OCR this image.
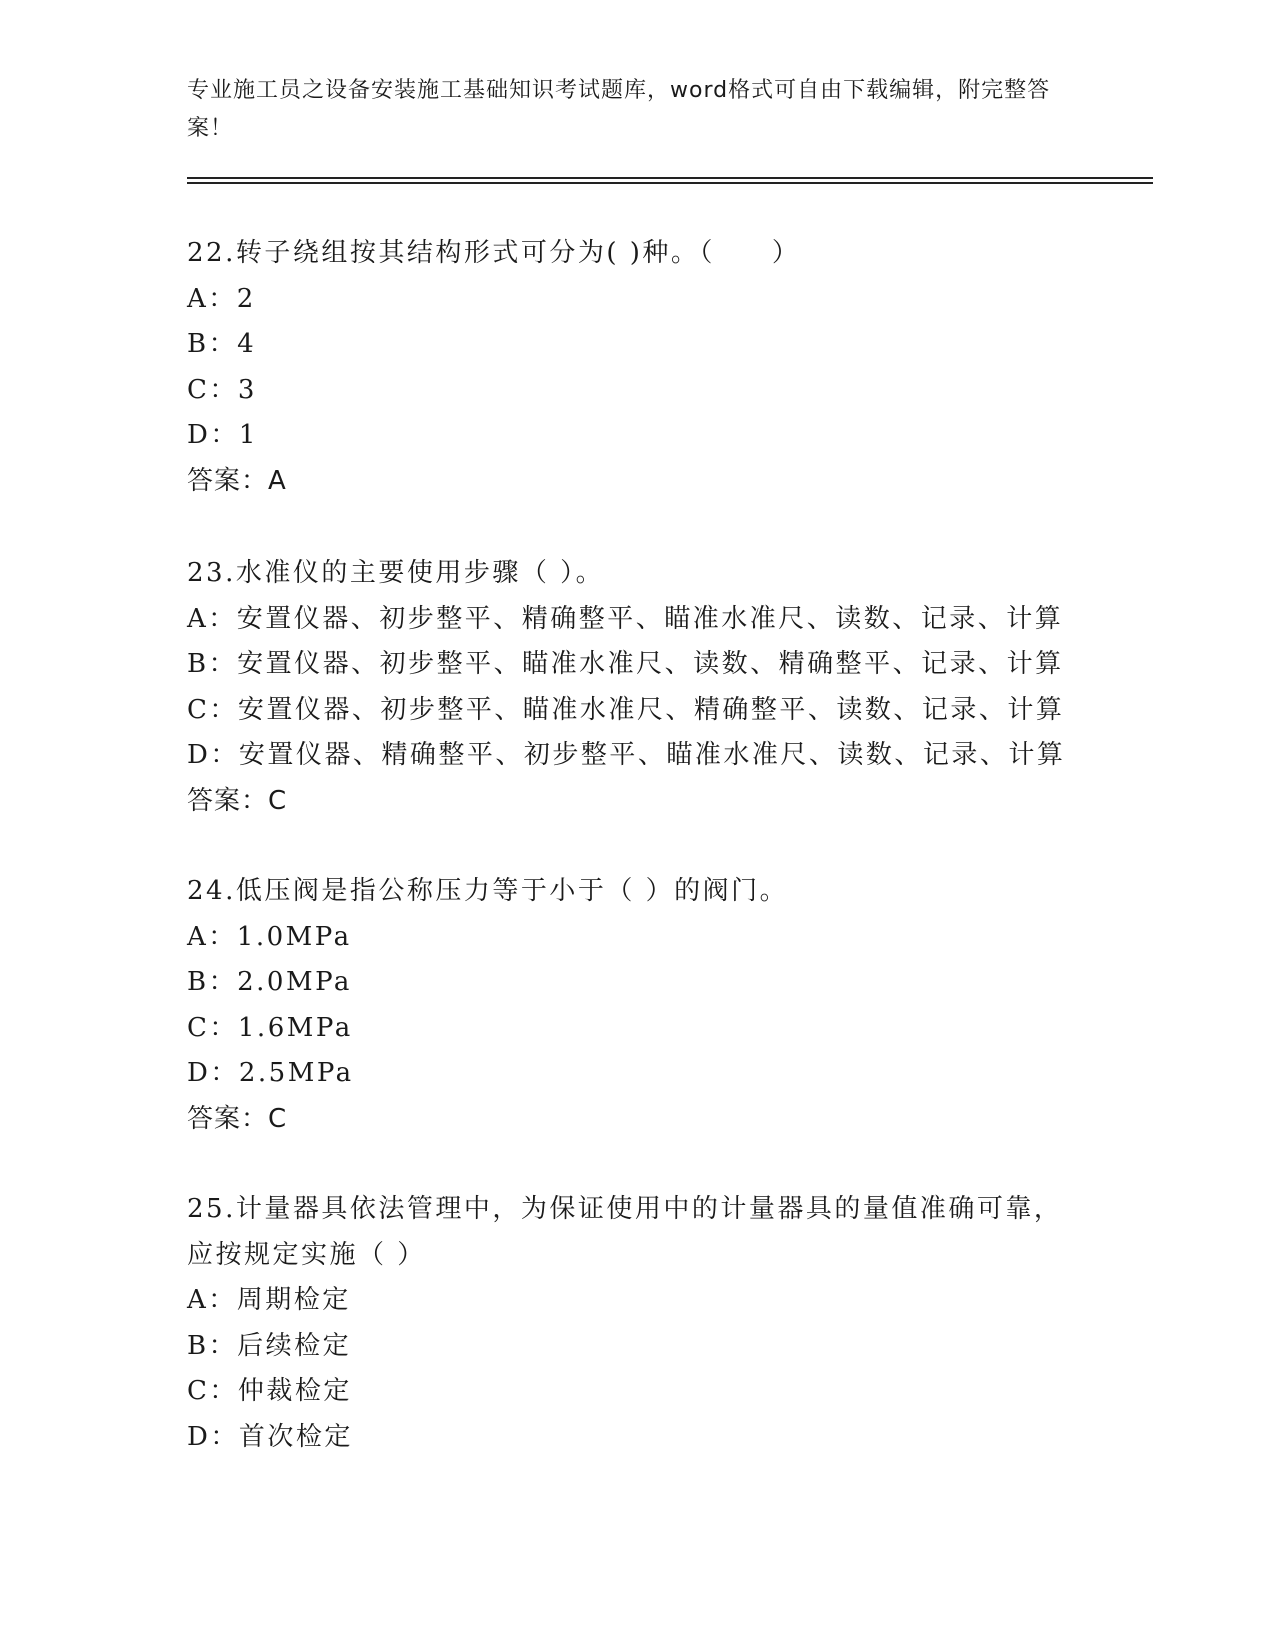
专业施工员之设备安装施工基础知识考试题库，word格式可自由下载编辑，附完整答案！
22.转子绕组按其结构形式可分为( )种。（　　）
A：2
B：4
C：3
D：1
答案：A
23.水准仪的主要使用步骤（ ）。
A：安置仪器、初步整平、精确整平、瞄准水准尺、读数、记录、计算
B：安置仪器、初步整平、瞄准水准尺、读数、精确整平、记录、计算
C：安置仪器、初步整平、瞄准水准尺、精确整平、读数、记录、计算
D：安置仪器、精确整平、初步整平、瞄准水准尺、读数、记录、计算
答案：C
24.低压阀是指公称压力等于小于（ ）的阀门。
A：1.0MPa
B：2.0MPa
C：1.6MPa
D：2.5MPa
答案：C
25.计量器具依法管理中，为保证使用中的计量器具的量值准确可靠，
应按规定实施（ ）
A：周期检定
B：后续检定
C：仲裁检定
D：首次检定
